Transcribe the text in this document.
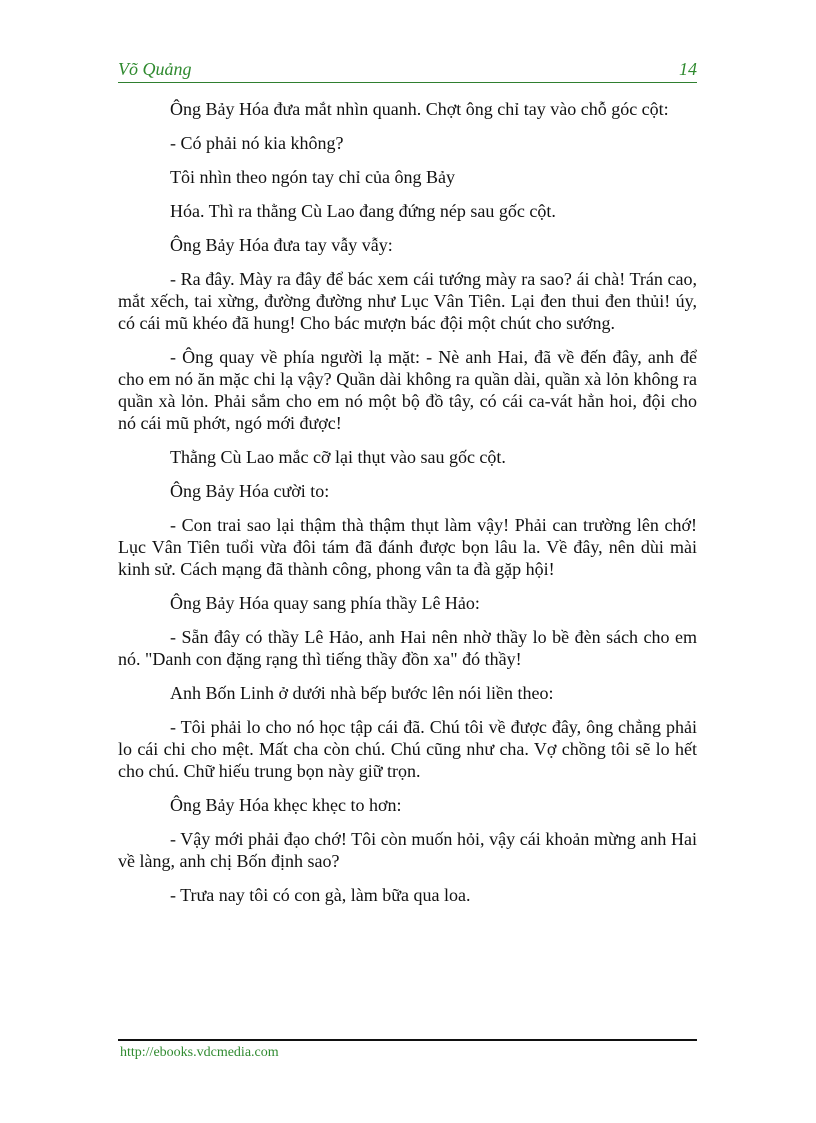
Võ Quảng	14

Ông Bảy Hóa đưa mắt nhìn quanh. Chợt ông chỉ tay vào chỗ góc cột:

- Có phải nó kia không?

Tôi nhìn theo ngón tay chỉ của ông Bảy

Hóa. Thì ra thằng Cù Lao đang đứng nép sau gốc cột.

Ông Bảy Hóa đưa tay vẫy vẫy:

- Ra đây. Mày ra đây để bác xem cái tướng mày ra sao? ái chà! Trán cao, mắt xếch, tai xừng, đường đường như Lục Vân Tiên. Lại đen thui đen thủi! úy, có cái mũ khéo đã hung! Cho bác mượn bác đội một chút cho sướng.

- Ông quay về phía người lạ mặt: - Nè anh Hai, đã về đến đây, anh để cho em nó ăn mặc chi lạ vậy? Quần dài không ra quần dài, quần xà lỏn không ra quần xà lỏn. Phải sắm cho em nó một bộ đồ tây, có cái ca-vát hẳn hoi, đội cho nó cái mũ phớt, ngó mới được!

Thằng Cù Lao mắc cỡ lại thụt vào sau gốc cột.

Ông Bảy Hóa cười to:

- Con trai sao lại thậm thà thậm thụt làm vậy! Phải can trường lên chớ! Lục Vân Tiên tuổi vừa đôi tám đã đánh được bọn lâu la. Về đây, nên dùi mài kinh sử. Cách mạng đã thành công, phong vân ta đà gặp hội!

Ông Bảy Hóa quay sang phía thầy Lê Hảo:

- Sẵn đây có thầy Lê Hảo, anh Hai nên nhờ thầy lo bề đèn sách cho em nó. "Danh con đặng rạng thì tiếng thầy đồn xa" đó thầy!

Anh Bốn Linh ở dưới nhà bếp bước lên nói liền theo:

- Tôi phải lo cho nó học tập cái đã. Chú tôi về được đây, ông chẳng phải lo cái chi cho mệt. Mất cha còn chú. Chú cũng như cha. Vợ chồng tôi sẽ lo hết cho chú. Chữ hiếu trung bọn này giữ trọn.

Ông Bảy Hóa khẹc khẹc to hơn:

- Vậy mới phải đạo chớ! Tôi còn muốn hỏi, vậy cái khoản mừng anh Hai về làng, anh chị Bốn định sao?

- Trưa nay tôi có con gà, làm bữa qua loa.

http://ebooks.vdcmedia.com
